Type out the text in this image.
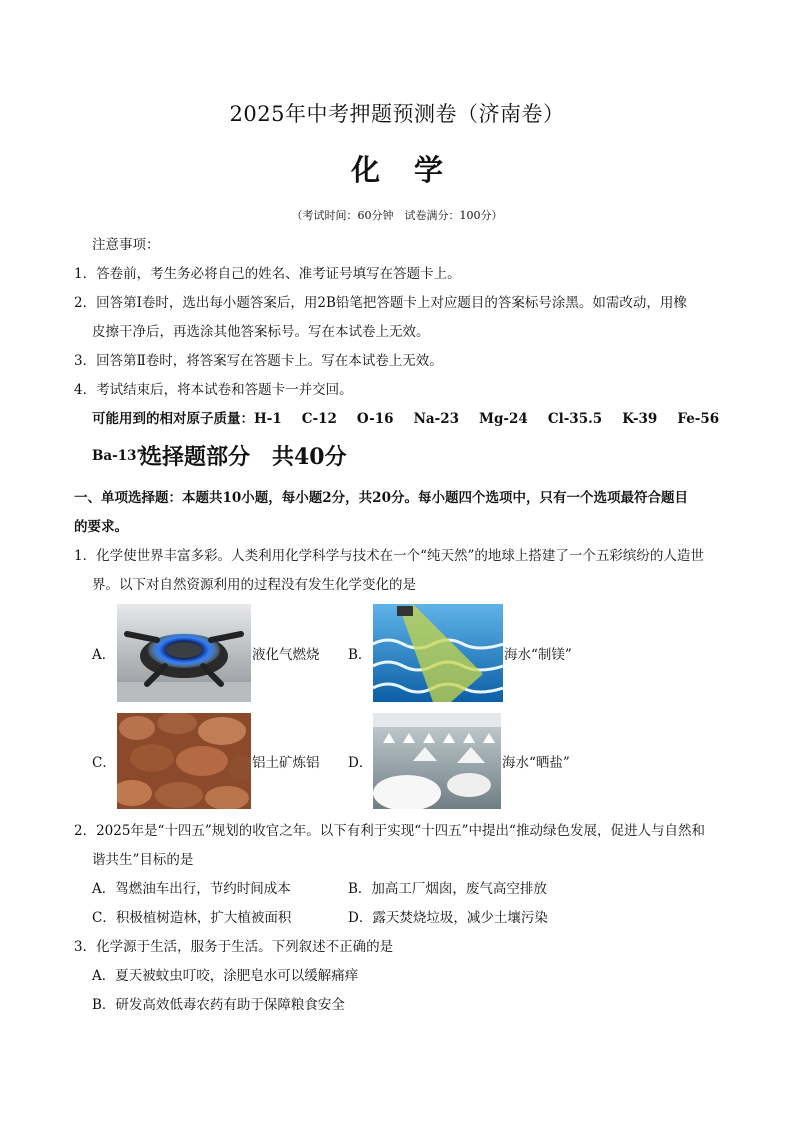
2025年中考押题预测卷（济南卷）
化学
（考试时间：60分钟　试卷满分：100分）
注意事项：
1．答卷前，考生务必将自己的姓名、准考证号填写在答题卡上。
2．回答第Ⅰ卷时，选出每小题答案后，用2B铅笔把答题卡上对应题目的答案标号涂黑。如需改动，用橡
皮擦干净后，再选涂其他答案标号。写在本试卷上无效。
3．回答第Ⅱ卷时，将答案写在答题卡上。写在本试卷上无效。
4．考试结束后，将本试卷和答题卡一并交回。
可能用到的相对原子质量：H-1 C-12 O-16 Na-23 Mg-24 Cl-35.5 K-39 Fe-56
Ba-137
选择题部分　共40分
一、单项选择题：本题共10小题，每小题2分，共20分。每小题四个选项中，只有一个选项最符合题目
的要求。
1．化学使世界丰富多彩。人类利用化学科学与技术在一个“纯天然”的地球上搭建了一个五彩缤纷的人造世
界。以下对自然资源利用的过程没有发生化学变化的是
A．	液化气燃烧 B．	海水“制镁”
C．	铝土矿炼铝 D．	海水“晒盐”
2．2025年是“十四五”规划的收官之年。以下有利于实现“十四五”中提出“推动绿色发展，促进人与自然和
谐共生”目标的是
A．驾燃油车出行，节约时间成本	B．加高工厂烟囱，废气高空排放
C．积极植树造林，扩大植被面积	D．露天焚烧垃圾，减少土壤污染
3．化学源于生活，服务于生活。下列叙述不正确的是
A．夏天被蚊虫叮咬，涂肥皂水可以缓解痛痒
B．研发高效低毒农药有助于保障粮食安全
